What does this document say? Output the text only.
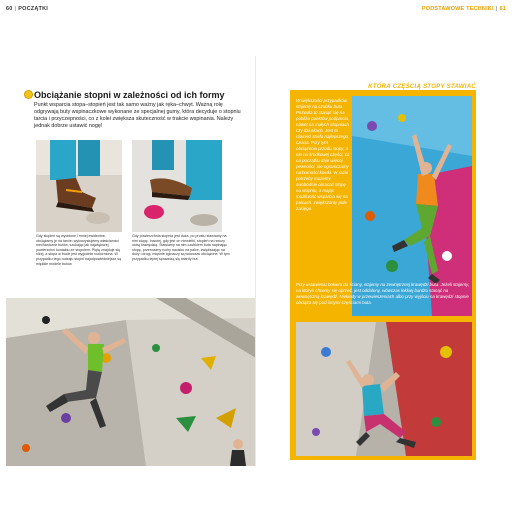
60 | POCZĄTKI	PODSTAWOWE TECHNIKI | 61
Obciążanie stopni w zależności od ich formy
Punkt wsparcia stopa–stopień jest tak samo ważny jak ręka–chwyt. Ważną rolę odgrywają buty wspinaczkowe wykonane ze specjalnej gumy, która decyduje o stopniu tarcia i przyczepności, co z kolei zwiększa skuteczność w trakcie wspinania. Należy jednak dobrze ustawić nogę!
Gdy stopień są wyoblone i mniej ewidentne, obciążamy je na tarcie: wykorzystujemy właściwości mechaniczne butów, szukając jak największej powierzchni kontaktu ze stopniem. Piętę znajduje się niżej, a stopa w bucie jest wygodnie rozluźniona. W przypadku tego rodzaju stopni najodpowiedniejsze są miękkie modele butów.
Gdy powierzchnia stopnia jest duża, po prostu stawiamy na nim stopę. Inaczej, gdy jest on niewielki, stopień na rzeczy ostrą krawędzią. Stawiamy na nim czubkiem buta napinając stopę, przenosimy ruchy nacisku na palce, zwiększając na duży i drogi, mięśnie zginaczy są wówczas obciążone. W tym przypadku lepiej sprawdzą się twardy but.
KTÓRA CZĘŚCIĄ STOPY STAWIAĆ
W większości przypadków stajemy na czubku buta. Pozwala to stanąć się na pobliżu punktów podparcia, nawet na małych stopniach czy dziurkach. Jest to również strefa najlepszego czucia. Przy tym obciążeniu przodu stopy, a nie na środkowej części, co na początku daje więcej pewności, nie ograniczamy ruchomości kostki. W razie potrzeby możemy swobodnie obracać stopę na stopniu, a mając możliwość wsparcia się na palcach, zwiększamy pole zasięgu.
Przy ustawieniu bokiem do ściany, stajemy na zewnętrznej krawędzi buta. Jeżeli stajemy, na któryn chcemy się oprzeć, jest oddalony, wówczas lekkiej bardzo stanąć na wewnętrzną krawędź. Niekiedy w przewieszeniach albo przy wyjściu na krawędzi stopnie obciąża się pod innymi częściami buta.
